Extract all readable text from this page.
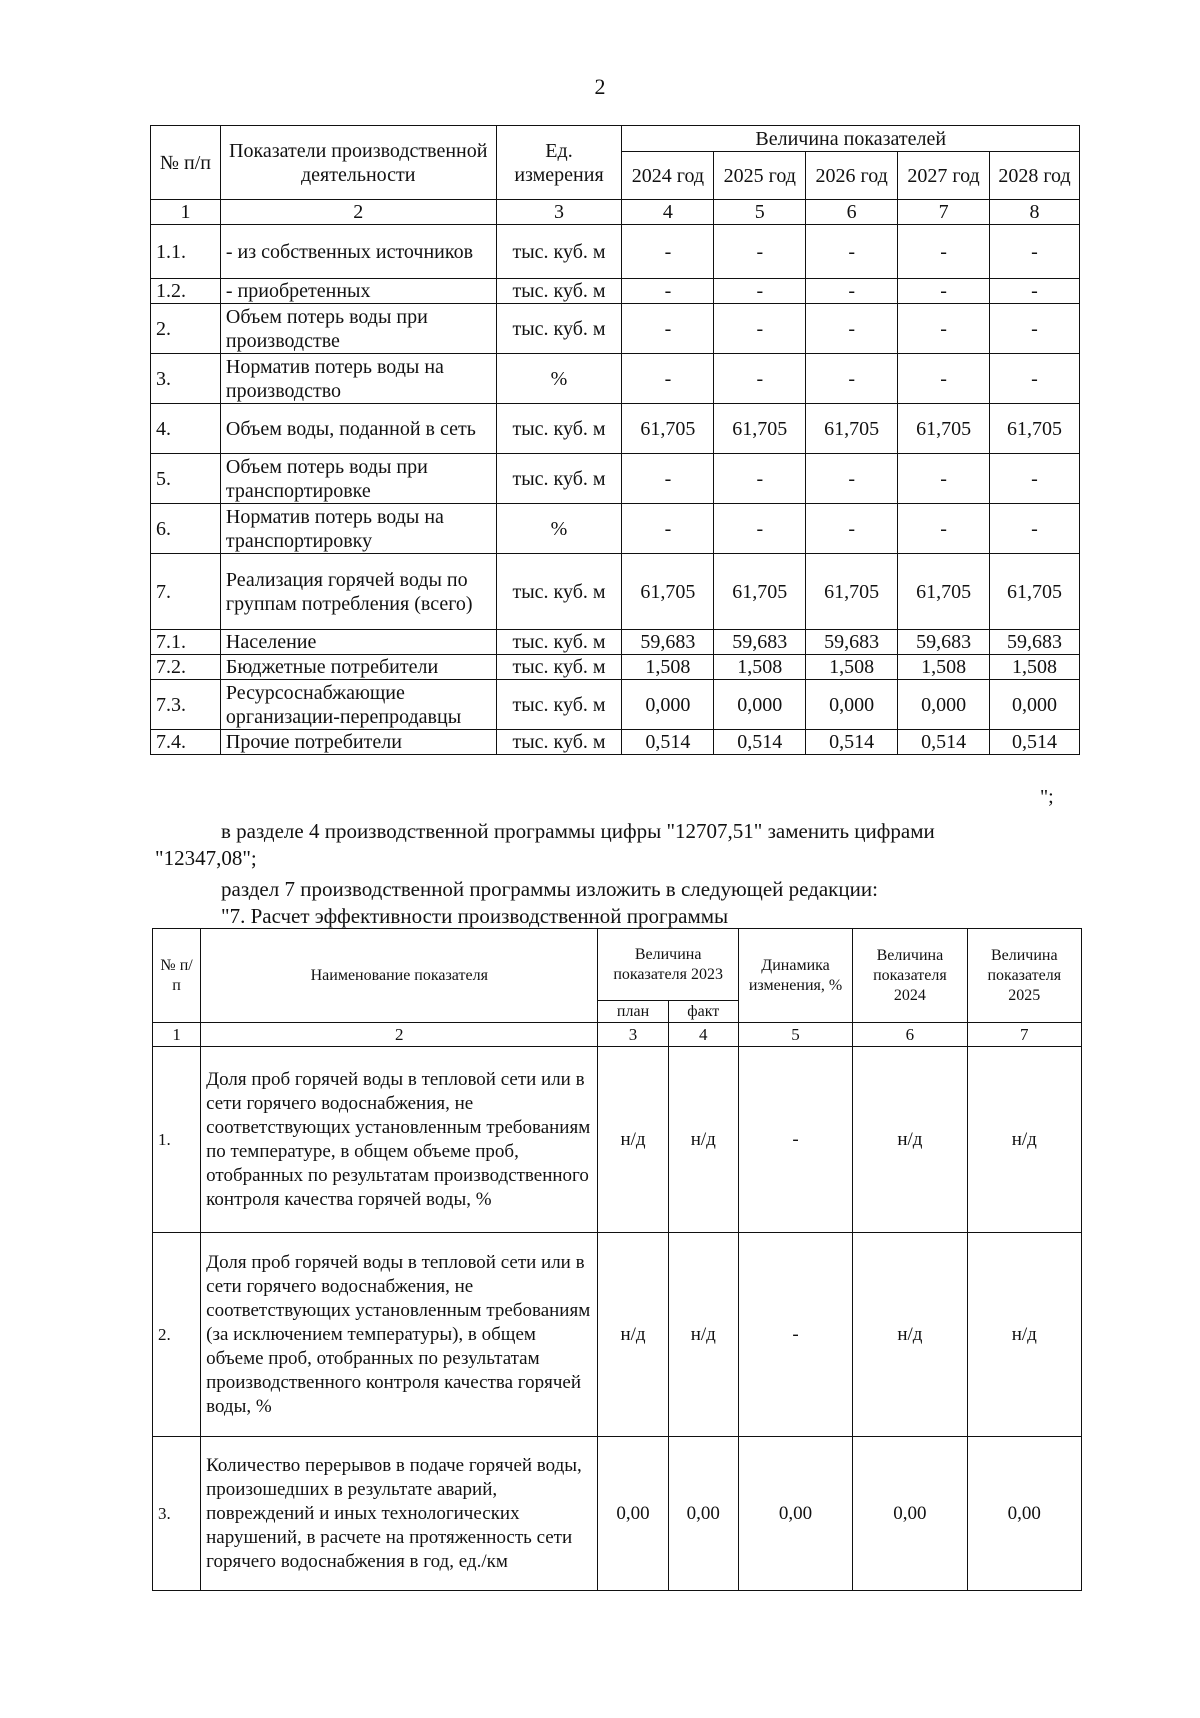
2
№ п/п	Показатели производственной деятельности	Ед. измерения	Величина показателей				
			2024 год	2025 год	2026 год	2027 год	2028 год
1	2	3	4	5	6	7	8
1.1.	- из собственных источников	тыс. куб. м	-	-	-	-	-
1.2.	- приобретенных	тыс. куб. м	-	-	-	-	-
2.	Объем потерь воды при производстве	тыс. куб. м	-	-	-	-	-
3.	Норматив потерь воды на производство	%	-	-	-	-	-
4.	Объем воды, поданной в сеть	тыс. куб. м	61,705	61,705	61,705	61,705	61,705
5.	Объем потерь воды при транспортировке	тыс. куб. м	-	-	-	-	-
6.	Норматив потерь воды на транспортировку	%	-	-	-	-	-
7.	Реализация горячей воды по группам потребления (всего)	тыс. куб. м	61,705	61,705	61,705	61,705	61,705
7.1.	Население	тыс. куб. м	59,683	59,683	59,683	59,683	59,683
7.2.	Бюджетные потребители	тыс. куб. м	1,508	1,508	1,508	1,508	1,508
7.3.	Ресурсоснабжающие организации-перепродавцы	тыс. куб. м	0,000	0,000	0,000	0,000	0,000
7.4.	Прочие потребители	тыс. куб. м	0,514	0,514	0,514	0,514	0,514
";
в разделе 4 производственной программы цифры "12707,51" заменить цифрами
"12347,08";
раздел 7 производственной программы изложить в следующей редакции:
"7. Расчет эффективности производственной программы
№ п/п	Наименование показателя	Величина показателя 2023		Динамика изменения, %	Величина показателя 2024	Величина показателя 2025
		план	факт			
1	2	3	4	5	6	7
1.	Доля проб горячей воды в тепловой сети или в сети горячего водоснабжения, не соответствующих установленным требованиям по температуре, в общем объеме проб, отобранных по результатам производственного контроля качества горячей воды, %	н/д	н/д	-	н/д	н/д
2.	Доля проб горячей воды в тепловой сети или в сети горячего водоснабжения, не соответствующих установленным требованиям (за исключением температуры), в общем объеме проб, отобранных по результатам производственного контроля качества горячей воды, %	н/д	н/д	-	н/д	н/д
3.	Количество перерывов в подаче горячей воды, произошедших в результате аварий, повреждений и иных технологических нарушений, в расчете на протяженность сети горячего водоснабжения в год, ед./км	0,00	0,00	0,00	0,00	0,00
